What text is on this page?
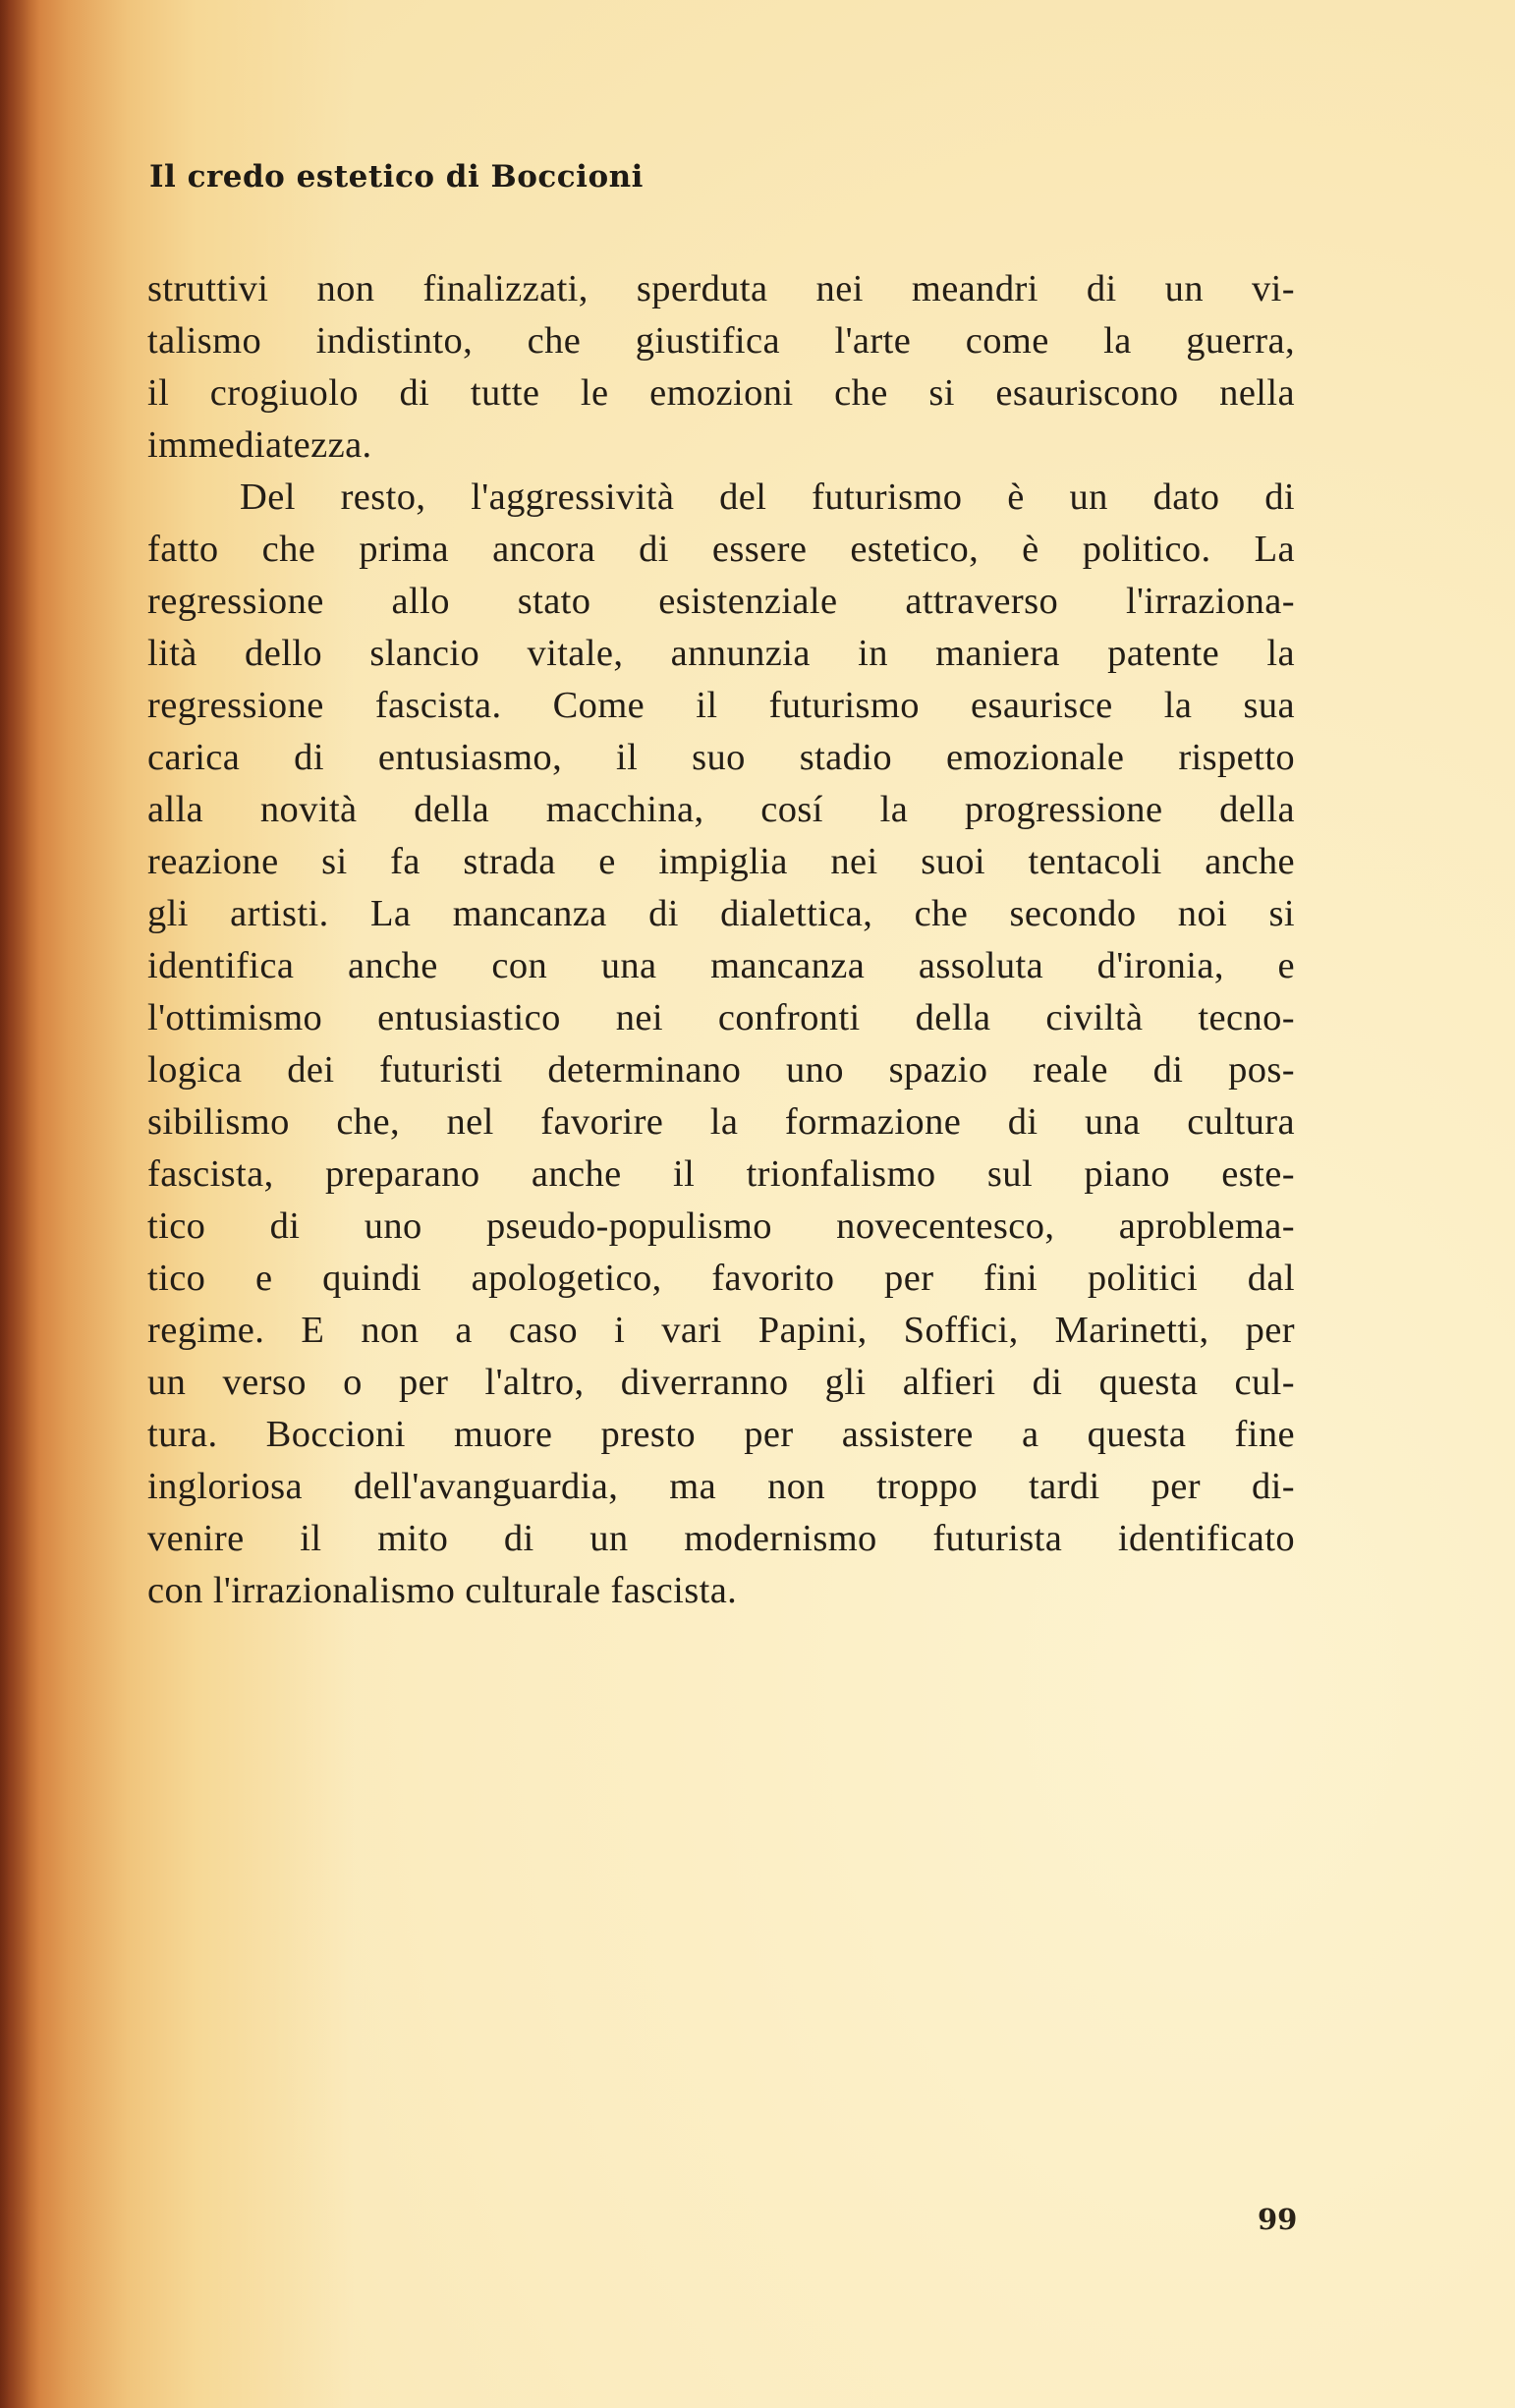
Il credo estetico di Boccioni
struttivi non finalizzati, sperduta nei meandri di un vi-
talismo indistinto, che giustifica l'arte come la guerra,
il crogiuolo di tutte le emozioni che si esauriscono nella
immediatezza.
Del resto, l'aggressività del futurismo è un dato di
fatto che prima ancora di essere estetico, è politico. La
regressione allo stato esistenziale attraverso l'irraziona-
lità dello slancio vitale, annunzia in maniera patente la
regressione fascista. Come il futurismo esaurisce la sua
carica di entusiasmo, il suo stadio emozionale rispetto
alla novità della macchina, cosí la progressione della
reazione si fa strada e impiglia nei suoi tentacoli anche
gli artisti. La mancanza di dialettica, che secondo noi si
identifica anche con una mancanza assoluta d'ironia, e
l'ottimismo entusiastico nei confronti della civiltà tecno-
logica dei futuristi determinano uno spazio reale di pos-
sibilismo che, nel favorire la formazione di una cultura
fascista, preparano anche il trionfalismo sul piano este-
tico di uno pseudo-populismo novecentesco, aproblema-
tico e quindi apologetico, favorito per fini politici dal
regime. E non a caso i vari Papini, Soffici, Marinetti, per
un verso o per l'altro, diverranno gli alfieri di questa cul-
tura. Boccioni muore presto per assistere a questa fine
ingloriosa dell'avanguardia, ma non troppo tardi per di-
venire il mito di un modernismo futurista identificato
con l'irrazionalismo culturale fascista.
99
